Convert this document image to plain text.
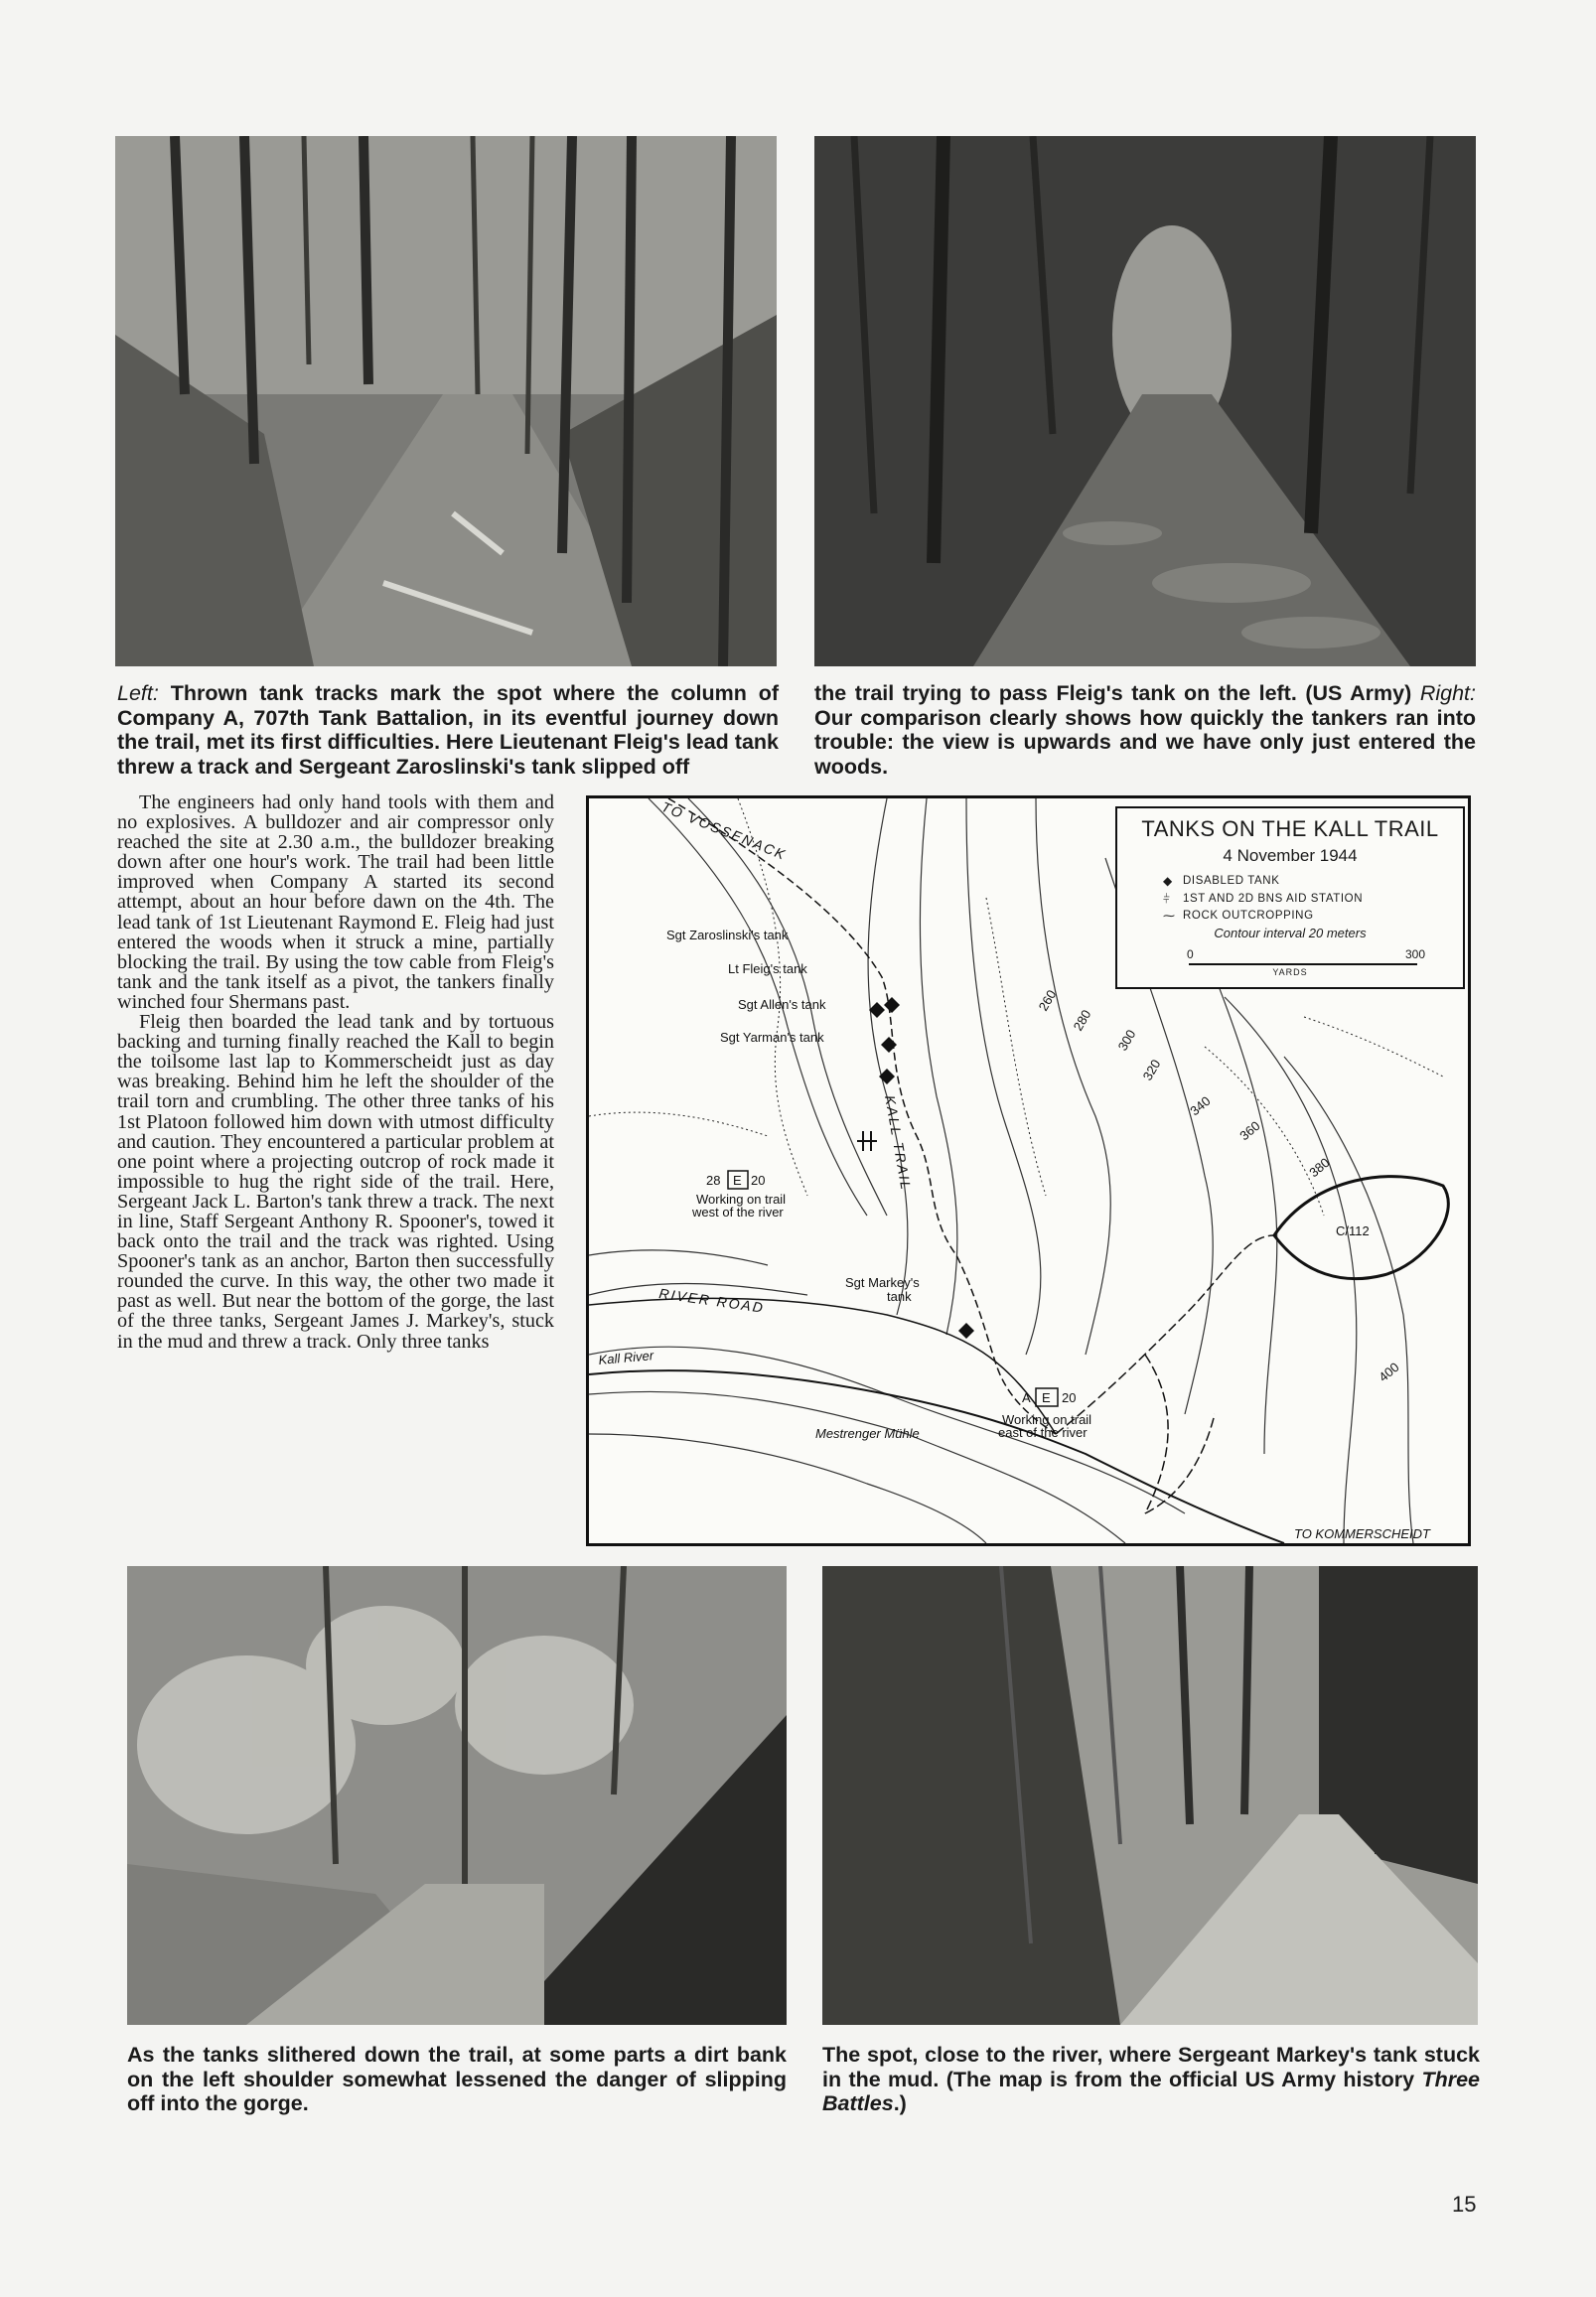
Left: Thrown tank tracks mark the spot where the column of Company A, 707th Tank Battalion, in its eventful journey down the trail, met its first difficulties. Here Lieutenant Fleig's lead tank threw a track and Sergeant Zaroslinski's tank slipped off
the trail trying to pass Fleig's tank on the left. (US Army) Right: Our comparison clearly shows how quickly the tankers ran into trouble: the view is upwards and we have only just entered the woods.

The engineers had only hand tools with them and no explosives. A bulldozer and air compressor only reached the site at 2.30 a.m., the bulldozer breaking down after one hour's work. The trail had been little improved when Company A started its second attempt, about an hour before dawn on the 4th. The lead tank of 1st Lieutenant Raymond E. Fleig had just entered the woods when it struck a mine, partially blocking the trail. By using the tow cable from Fleig's tank and the tank itself as a pivot, the tankers finally winched four Shermans past.

Fleig then boarded the lead tank and by tortuous backing and turning finally reached the Kall to begin the toilsome last lap to Kommerscheidt just as day was breaking. Behind him he left the shoulder of the trail torn and crumbling. The other three tanks of his 1st Platoon followed him down with utmost difficulty and caution. They encountered a particular problem at one point where a projecting outcrop of rock made it impossible to hug the right side of the trail. Here, Sergeant Jack L. Barton's tank threw a track. The next in line, Staff Sergeant Anthony R. Spooner's, towed it back onto the trail and the track was righted. Using Spooner's tank as an anchor, Barton then successfully rounded the curve. In this way, the other two made it past as well. But near the bottom of the gorge, the last of the three tanks, Sergeant James J. Markey's, stuck in the mud and threw a track. Only three tanks

28 E 20
Working on trail
west of the river
A E 20
Working on trail
east of the river
TO VOSSENACK
Sgt Zaroslinski's tank
Lt Fleig's tank
Sgt Allen's tank
Sgt Yarman's tank
KALL TRAIL
RIVER ROAD
Kall River
Sgt Markey's
tank
Mestrenger Mühle
C/112
TO KOMMERSCHEIDT
260
280
300
320
340
360
380
400
TANKS ON THE KALL TRAIL
4 November 1944
◆ DISABLED TANK
⫩ 1ST AND 2D BNS AID STATION
⁓ ROCK OUTCROPPING
Contour interval 20 meters
0	300
YARDS
As the tanks slithered down the trail, at some parts a dirt bank on the left shoulder somewhat lessened the danger of slipping off into the gorge.
The spot, close to the river, where Sergeant Markey's tank stuck in the mud. (The map is from the official US Army history Three Battles.)
15
